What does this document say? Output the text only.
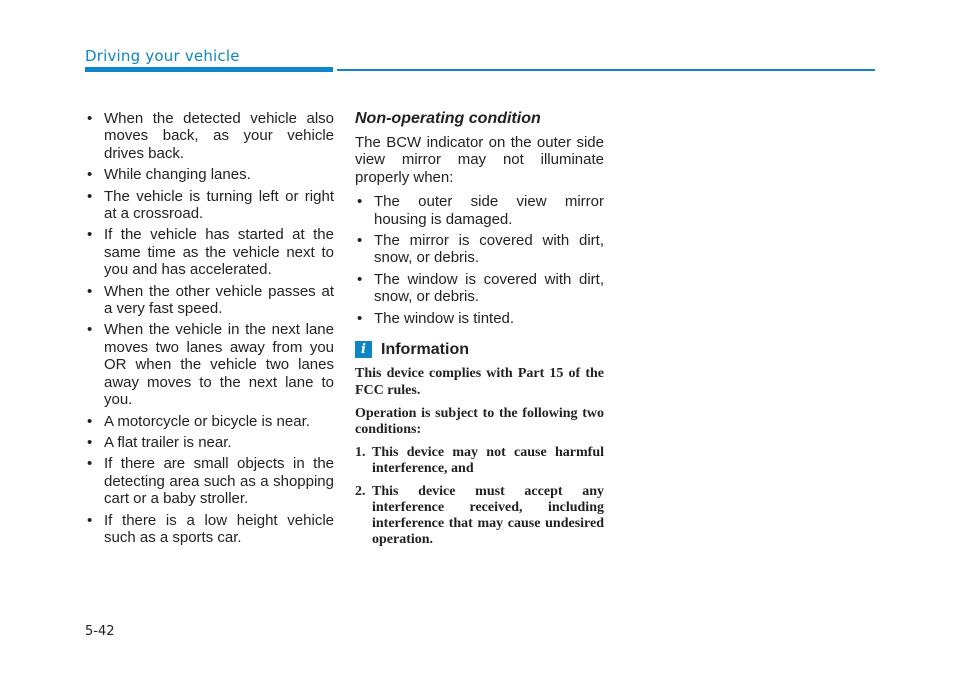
Driving your vehicle
• When the detected vehicle also moves back, as your vehicle drives back.
• While changing lanes.
• The vehicle is turning left or right at a crossroad.
• If the vehicle has started at the same time as the vehicle next to you and has accelerated.
• When the other vehicle passes at a very fast speed.
• When the vehicle in the next lane moves two lanes away from you OR when the vehicle two lanes away moves to the next lane to you.
• A motorcycle or bicycle is near.
• A flat trailer is near.
• If there are small objects in the detecting area such as a shopping cart or a baby stroller.
• If there is a low height vehicle such as a sports car.
Non-operating condition

The BCW indicator on the outer side view mirror may not illuminate properly when:

• The outer side view mirror housing is damaged.
• The mirror is covered with dirt, snow, or debris.
• The window is covered with dirt, snow, or debris.
• The window is tinted.
i Information

This device complies with Part 15 of the FCC rules.

Operation is subject to the following two conditions:

1. This device may not cause harmful interference, and
2. This device must accept any interference received, including interference that may cause undesired operation.
5-42
